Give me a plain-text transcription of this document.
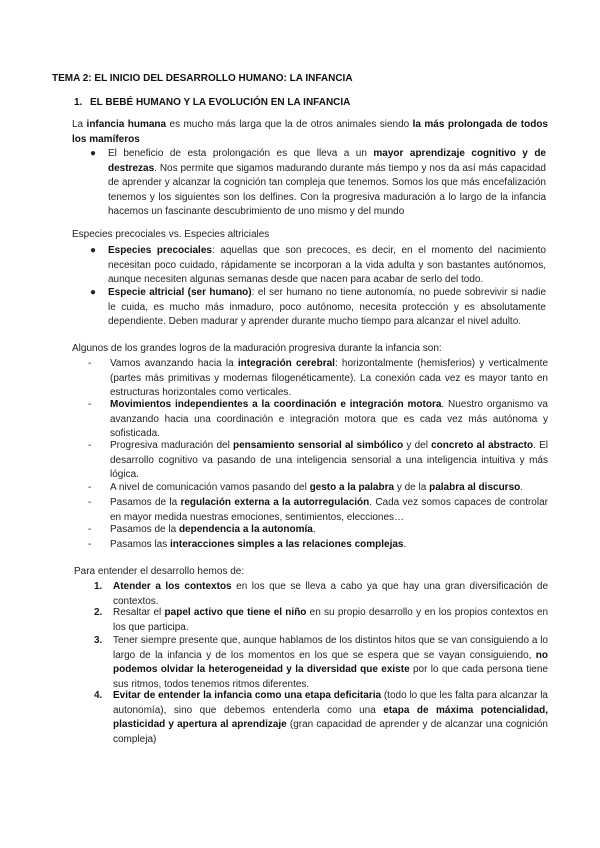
TEMA 2: EL INICIO DEL DESARROLLO HUMANO: LA INFANCIA
1. EL BEBÉ HUMANO Y LA EVOLUCIÓN EN LA INFANCIA
La infancia humana es mucho más larga que la de otros animales siendo la más prolongada de todos los mamíferos
●	El beneficio de esta prolongación es que lleva a un mayor aprendizaje cognitivo y de destrezas. Nos permite que sigamos madurando durante más tiempo y nos da así más capacidad de aprender y alcanzar la cognición tan compleja que tenemos. Somos los que más encefalización tenemos y los siguientes son los delfines. Con la progresiva maduración a lo largo de la infancia hacemos un fascinante descubrimiento de uno mismo y del mundo
Especies precociales vs. Especies altriciales
●	Especies precociales: aquellas que son precoces, es decir, en el momento del nacimiento necesitan poco cuidado, rápidamente se incorporan a la vida adulta y son bastantes autónomos, aunque necesiten algunas semanas desde que nacen para acabar de serlo del todo.
●	Especie altricial (ser humano): el ser humano no tiene autonomía, no puede sobrevivir si nadie le cuida, es mucho más inmaduro, poco autónomo, necesita protección y es absolutamente dependiente. Deben madurar y aprender durante mucho tiempo para alcanzar el nivel adulto.
Algunos de los grandes logros de la maduración progresiva durante la infancia son:
- Vamos avanzando hacia la integración cerebral: horizontalmente (hemisferios) y verticalmente (partes más primitivas y modernas filogenéticamente). La conexión cada vez es mayor tanto en estructuras horizontales como verticales.
- Movimientos independientes a la coordinación e integración motora. Nuestro organismo va avanzando hacia una coordinación e integración motora que es cada vez más autónoma y sofisticada.
- Progresiva maduración del pensamiento sensorial al simbólico y del concreto al abstracto. El desarrollo cognitivo va pasando de una inteligencia sensorial a una inteligencia intuitiva y más lógica.
- A nivel de comunicación vamos pasando del gesto a la palabra y de la palabra al discurso.
- Pasamos de la regulación externa a la autorregulación. Cada vez somos capaces de controlar en mayor medida nuestras emociones, sentimientos, elecciones…
- Pasamos de la dependencia a la autonomía.
- Pasamos las interacciones simples a las relaciones complejas.
Para entender el desarrollo hemos de:
1. Atender a los contextos en los que se lleva a cabo ya que hay una gran diversificación de contextos.
2. Resaltar el papel activo que tiene el niño en su propio desarrollo y en los propios contextos en los que participa.
3. Tener siempre presente que, aunque hablamos de los distintos hitos que se van consiguiendo a lo largo de la infancia y de los momentos en los que se espera que se vayan consiguiendo, no podemos olvidar la heterogeneidad y la diversidad que existe por lo que cada persona tiene sus ritmos, todos tenemos ritmos diferentes.
4. Evitar de entender la infancia como una etapa deficitaria (todo lo que les falta para alcanzar la autonomía), sino que debemos entenderla como una etapa de máxima potencialidad, plasticidad y apertura al aprendizaje (gran capacidad de aprender y de alcanzar una cognición compleja)
